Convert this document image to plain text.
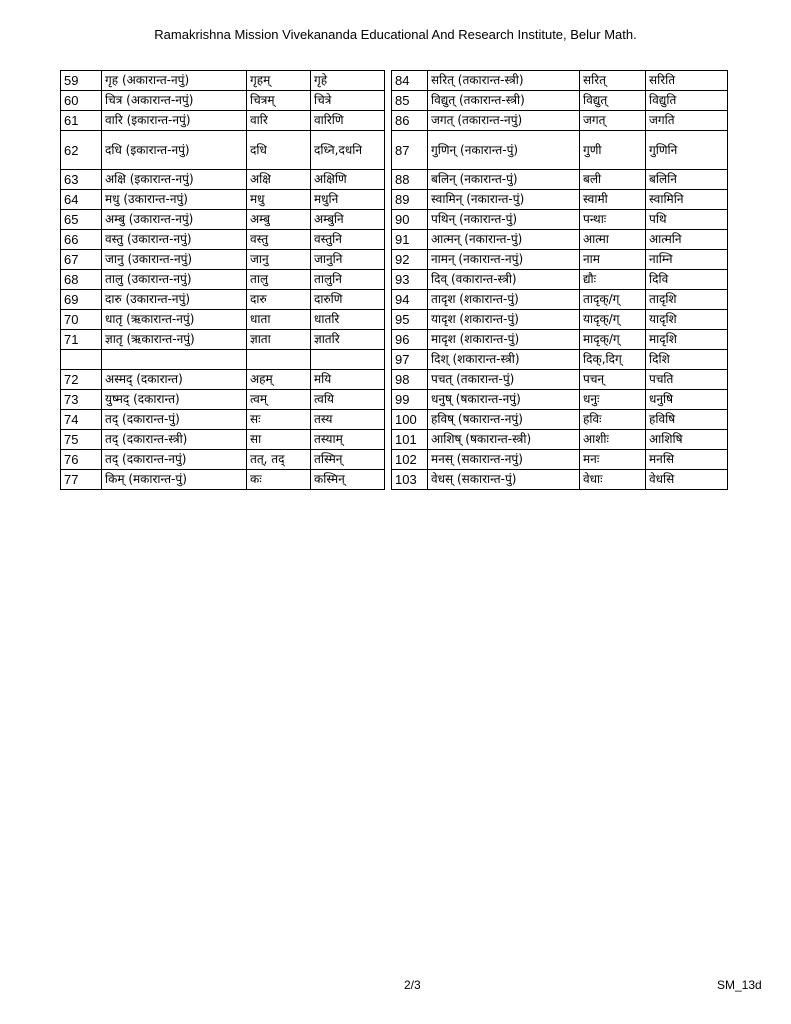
Ramakrishna Mission Vivekananda Educational And Research Institute, Belur Math.
59	गृह (अकारान्त-नपुं)	गृहम्	गृहे
60	चित्र (अकारान्त-नपुं)	चित्रम्	चित्रे
61	वारि (इकारान्त-नपुं)	वारि	वारिणि
62	दधि (इकारान्त-नपुं)	दधि	दध्नि,दधनि
63	अक्षि (इकारान्त-नपुं)	अक्षि	अक्षिणि
64	मधु (उकारान्त-नपुं)	मधु	मधुनि
65	अम्बु (उकारान्त-नपुं)	अम्बु	अम्बुनि
66	वस्तु (उकारान्त-नपुं)	वस्तु	वस्तुनि
67	जानु (उकारान्त-नपुं)	जानु	जानुनि
68	तालु (उकारान्त-नपुं)	तालु	तालुनि
69	दारु (उकारान्त-नपुं)	दारु	दारुणि
70	धातृ (ऋकारान्त-नपुं)	धाता	धातरि
71	ज्ञातृ (ऋकारान्त-नपुं)	ज्ञाता	ज्ञातरि

72	अस्मद् (दकारान्त)	अहम्	मयि
73	युष्मद् (दकारान्त)	त्वम्	त्वयि
74	तद् (दकारान्त-पुं)	सः	तस्य
75	तद् (दकारान्त-स्त्री)	सा	तस्याम्
76	तद् (दकारान्त-नपुं)	तत्, तद्	तस्मिन्
77	किम् (मकारान्त-पुं)	कः	कस्मिन्
84	सरित् (तकारान्त-स्त्री)	सरित्	सरिति
85	विद्युत् (तकारान्त-स्त्री)	विद्युत्	विद्युति
86	जगत् (तकारान्त-नपुं)	जगत्	जगति
87	गुणिन् (नकारान्त-पुं)	गुणी	गुणिनि
88	बलिन् (नकारान्त-पुं)	बली	बलिनि
89	स्वामिन् (नकारान्त-पुं)	स्वामी	स्वामिनि
90	पथिन् (नकारान्त-पुं)	पन्थाः	पथि
91	आत्मन् (नकारान्त-पुं)	आत्मा	आत्मनि
92	नामन् (नकारान्त-नपुं)	नाम	नाम्नि
93	दिव् (वकारान्त-स्त्री)	द्यौः	दिवि
94	तादृश (शकारान्त-पुं)	तादृक्/ग्	तादृशि
95	यादृश (शकारान्त-पुं)	यादृक्/ग्	यादृशि
96	मादृश (शकारान्त-पुं)	मादृक्/ग्	मादृशि
97	दिश् (शकारान्त-स्त्री)	दिक्,दिग्	दिशि
98	पचत् (तकारान्त-पुं)	पचन्	पचति
99	धनुष् (षकारान्त-नपुं)	धनुः	धनुषि
100	हविष् (षकारान्त-नपुं)	हविः	हविषि
101	आशिष् (षकारान्त-स्त्री)	आशीः	आशिषि
102	मनस् (सकारान्त-नपुं)	मनः	मनसि
103	वेधस् (सकारान्त-पुं)	वेधाः	वेधसि
2/3	SM_13d
